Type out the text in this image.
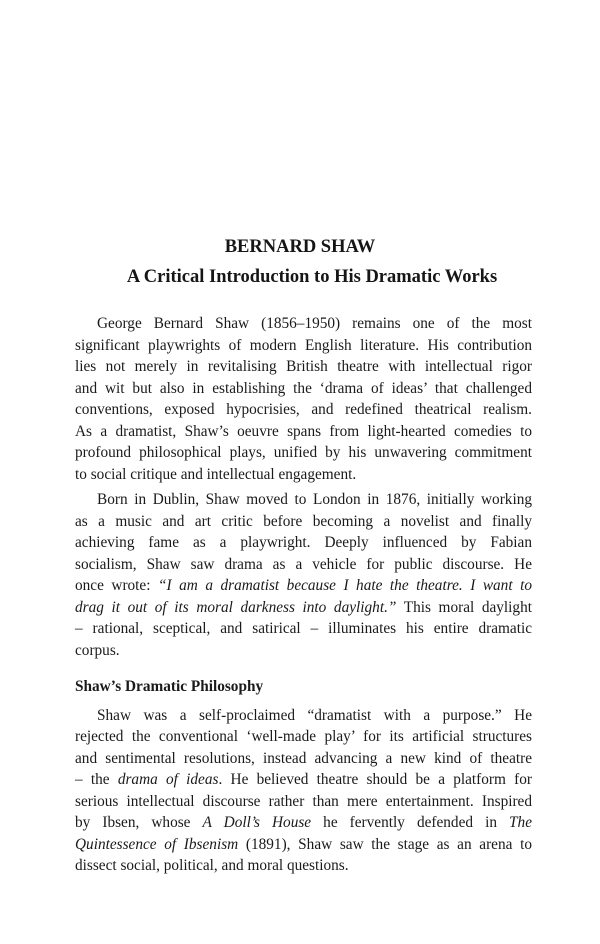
BERNARD SHAW
A Critical Introduction to His Dramatic Works

George Bernard Shaw (1856–1950) remains one of the most
significant playwrights of modern English literature. His contribution
lies not merely in revitalising British theatre with intellectual rigor
and wit but also in establishing the ‘drama of ideas’ that challenged
conventions, exposed hypocrisies, and redefined theatrical realism.
As a dramatist, Shaw’s oeuvre spans from light-hearted comedies to
profound philosophical plays, unified by his unwavering commitment
to social critique and intellectual engagement.

Born in Dublin, Shaw moved to London in 1876, initially working
as a music and art critic before becoming a novelist and finally
achieving fame as a playwright. Deeply influenced by Fabian
socialism, Shaw saw drama as a vehicle for public discourse. He
once wrote: “I am a dramatist because I hate the theatre. I want to
drag it out of its moral darkness into daylight.” This moral daylight
– rational, sceptical, and satirical – illuminates his entire dramatic
corpus.

Shaw’s Dramatic Philosophy

Shaw was a self-proclaimed “dramatist with a purpose.” He
rejected the conventional ‘well-made play’ for its artificial structures
and sentimental resolutions, instead advancing a new kind of theatre
– the drama of ideas. He believed theatre should be a platform for
serious intellectual discourse rather than mere entertainment. Inspired
by Ibsen, whose A Doll’s House he fervently defended in The
Quintessence of Ibsenism (1891), Shaw saw the stage as an arena to
dissect social, political, and moral questions.
